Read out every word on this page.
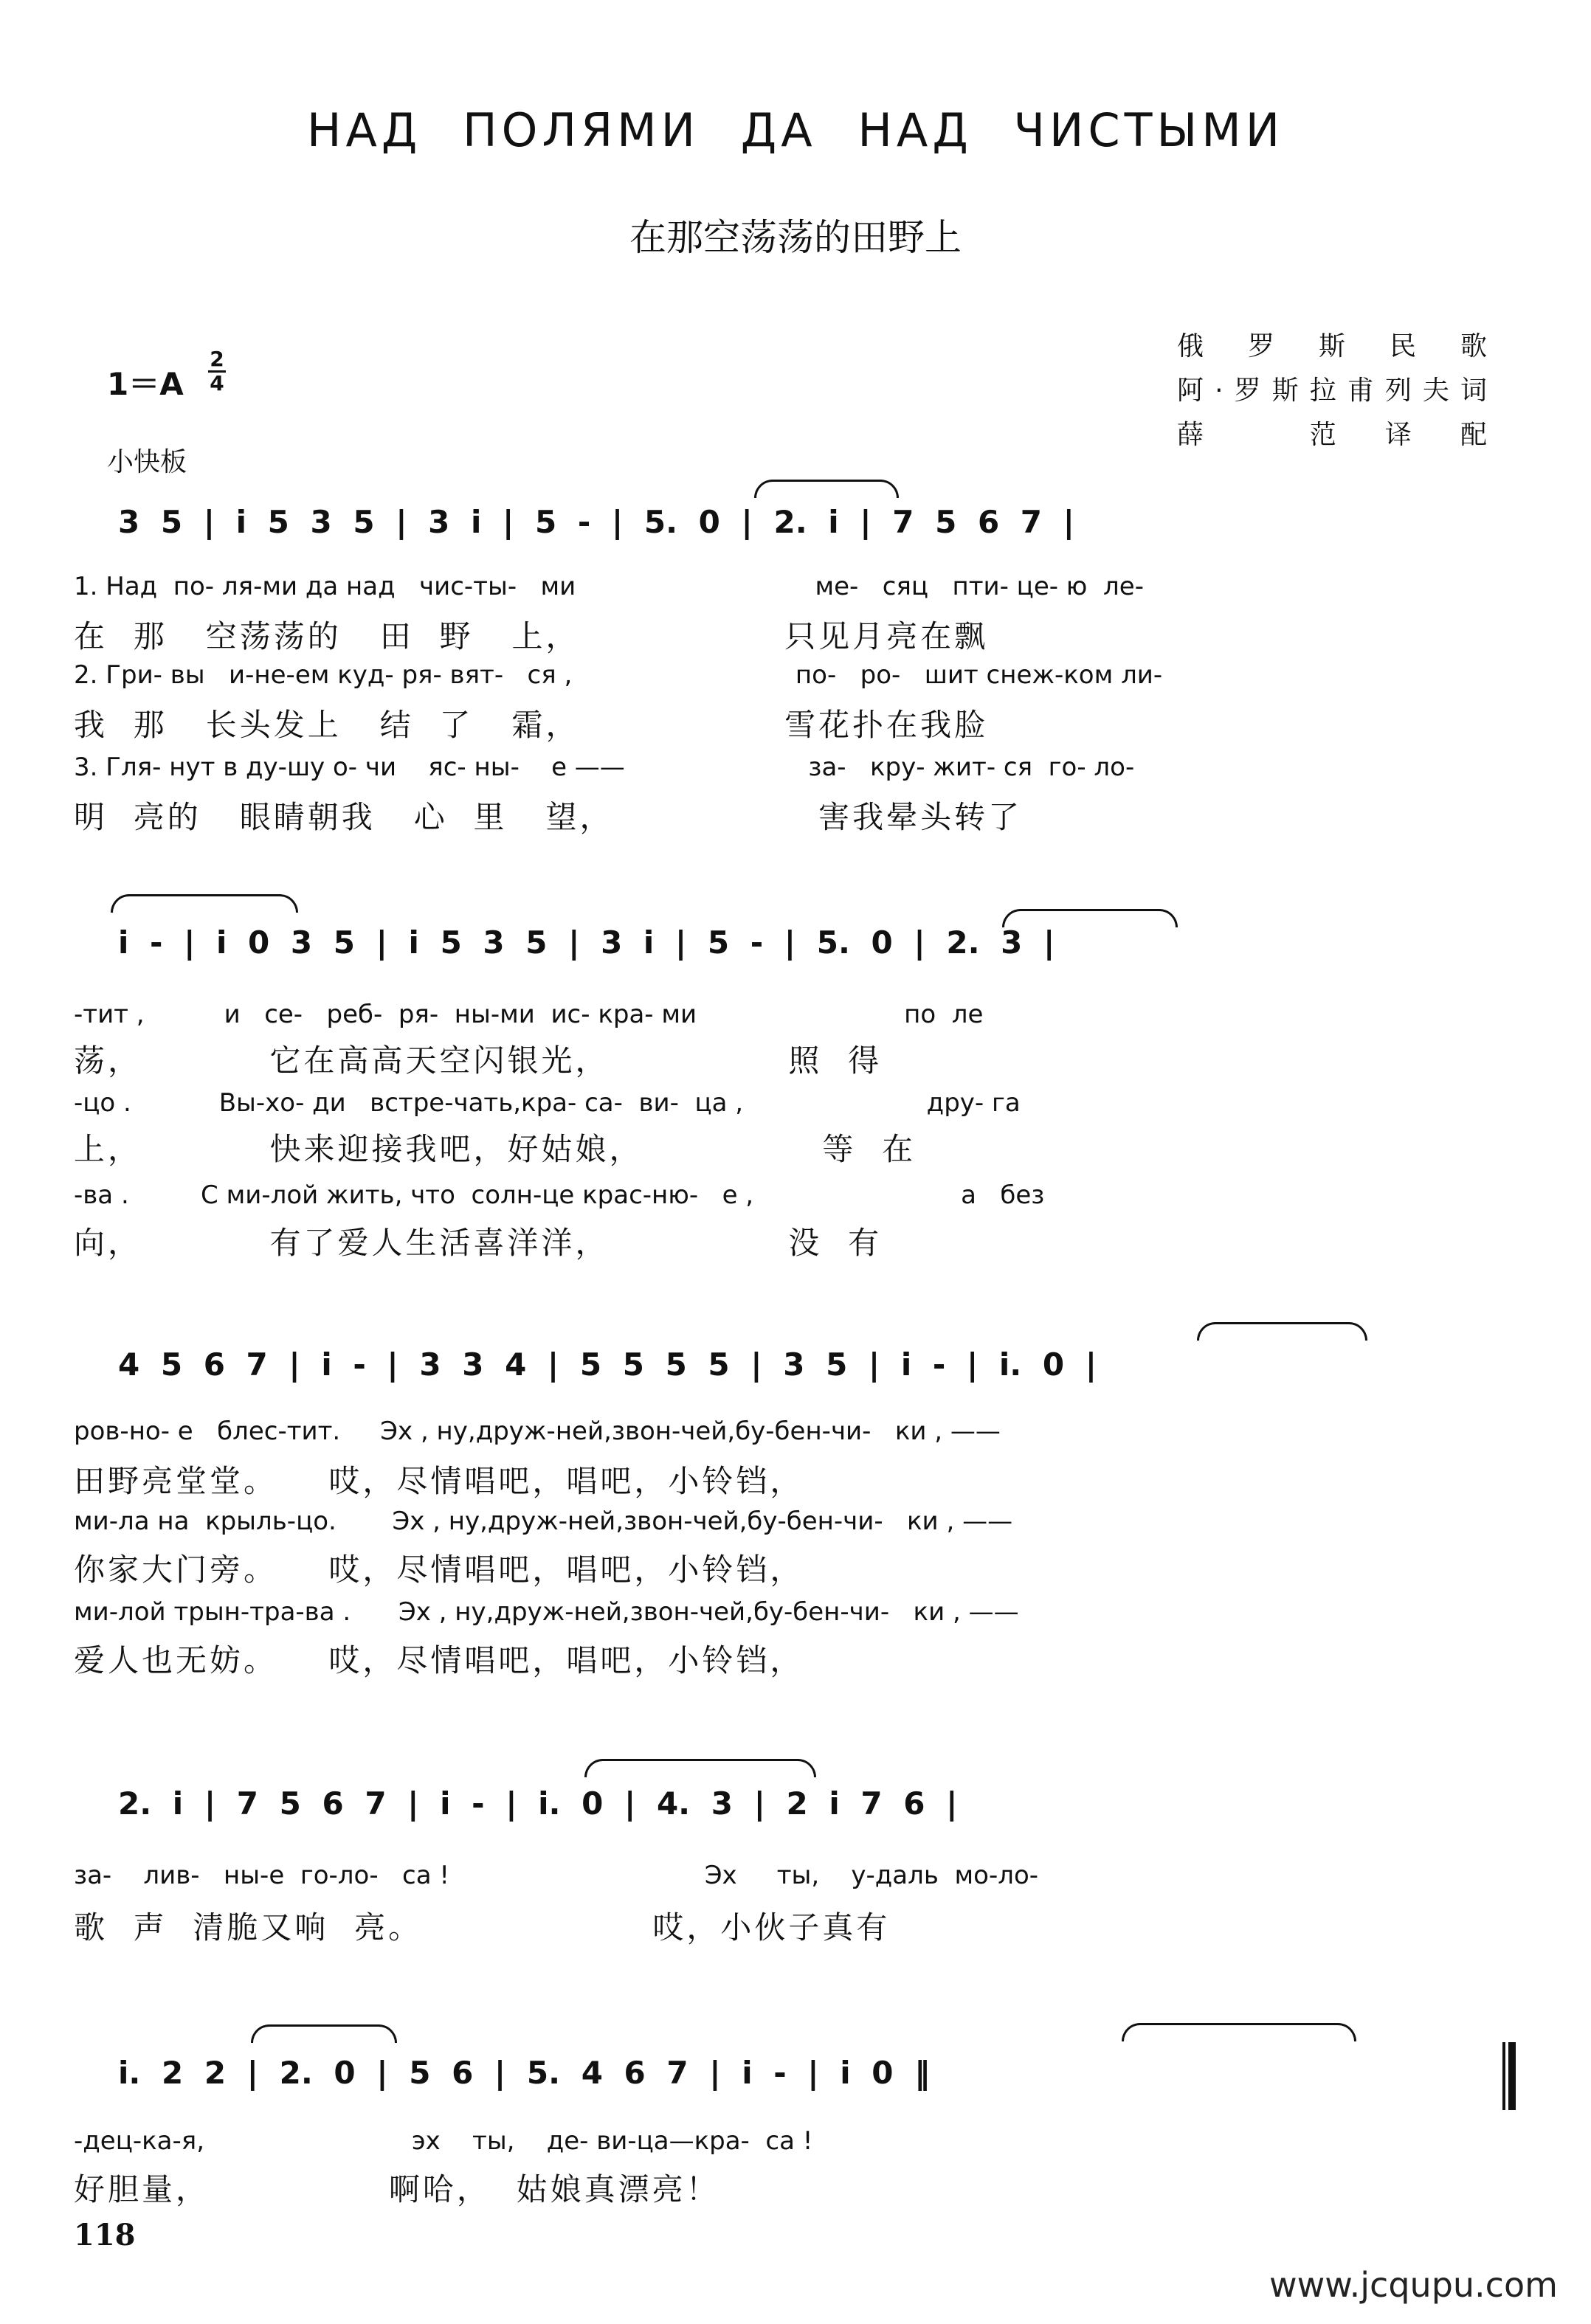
НАД ПОЛЯМИ ДА НАД ЧИСТЫМИ
在那空荡荡的田野上
俄 罗 斯 民 歌
阿·罗斯拉甫列夫词
薛 范译配
1＝A
2
4
小快板
3 5 | i 5 3 5 | 3 i | 5 - | 5. 0 | 2. i | 7 5 6 7 |
1. Над  по- ля-ми да над   чис-ты-   ми                              ме-   сяц   пти- це- ю  ле-
在  那   空荡荡的   田  野   上，                只见月亮在飘
2. Гри- вы   и-не-ем куд- ря- вят-   ся ,                            по-   ро-   шит снеж-ком ли-
我  那   长头发上   结  了   霜，                雪花扑在我脸
3. Гля- нут в ду-шу о- чи    яс- ны-    е ——                       за-   кру- жит- ся  го- ло-
明  亮的   眼睛朝我   心  里   望，                害我晕头转了
i - | i 0 3 5 | i 5 3 5 | 3 i | 5 - | 5. 0 | 2. 3 |
-тит ,          и   се-   реб-  ря-  ны-ми  ис- кра- ми                          по  ле
荡，          它在高高天空闪银光，              照  得
-цо .           Вы-хо- ди   встре-чать,кра- са-  ви-  ца ,                       дру- га
上，          快来迎接我吧，好姑娘，              等  在
-ва .         С ми-лой жить, что  солн-це крас-ню-   е ,                          а   без
向，          有了爱人生活喜洋洋，              没  有
4 5 6 7 | i - | 3 3 4 | 5 5 5 5 | 3 5 | i - | i. 0 |
ров-но- е   блес-тит.     Эх , ну,друж-ней,звон-чей,бу-бен-чи-   ки , ——
田野亮堂堂。    哎，尽情唱吧，唱吧，小铃铛，
ми-ла на  крыль-цо.       Эх , ну,друж-ней,звон-чей,бу-бен-чи-   ки , ——
你家大门旁。    哎，尽情唱吧，唱吧，小铃铛，
ми-лой трын-тра-ва .      Эх , ну,друж-ней,звон-чей,бу-бен-чи-   ки , ——
爱人也无妨。    哎，尽情唱吧，唱吧，小铃铛，
2. i | 7 5 6 7 | i - | i. 0 | 4. 3 | 2 i 7 6 |
за-    лив-   ны-е  го-ло-   са !                                Эх     ты,    у-даль  мо-ло-
歌  声  清脆又响  亮。                  哎，小伙子真有
i. 2 2 | 2. 0 | 5 6 | 5. 4 6 7 | i - | i 0 ‖
-дец-ка-я,                          эх    ты,    де- ви-ца—кра-  са !
好胆量，              啊哈，  姑娘真漂亮！
118
www.jcqupu.com
